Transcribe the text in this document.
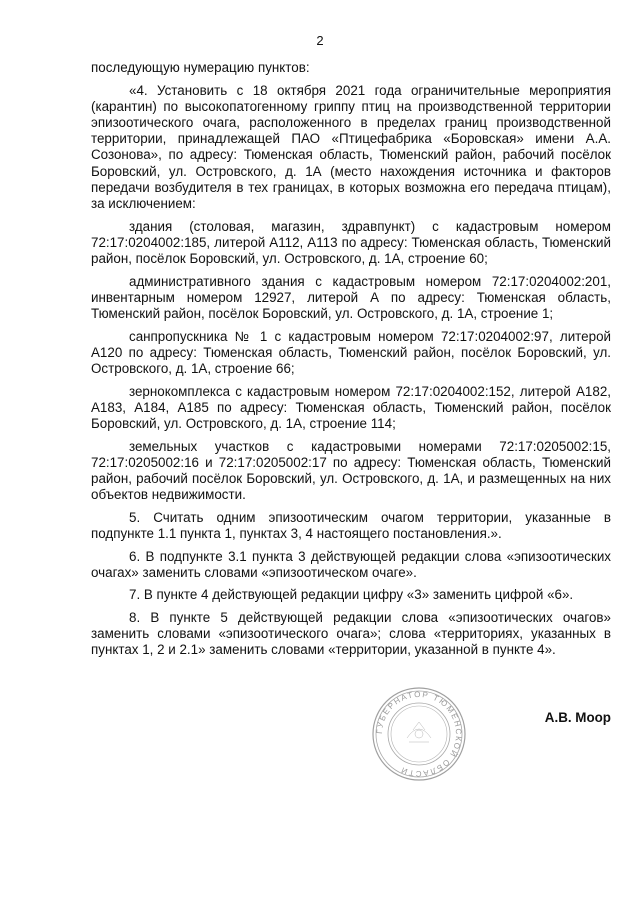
2

последующую нумерацию пунктов:

«4. Установить с 18 октября 2021 года ограничительные мероприятия (карантин) по высокопатогенному гриппу птиц на производственной территории эпизоотического очага, расположенного в пределах границ производственной территории, принадлежащей ПАО «Птицефабрика «Боровская» имени А.А. Созонова», по адресу: Тюменская область, Тюменский район, рабочий посёлок Боровский, ул. Островского, д. 1А (место нахождения источника и факторов передачи возбудителя в тех границах, в которых возможна его передача птицам), за исключением:

здания (столовая, магазин, здравпункт) с кадастровым номером 72:17:0204002:185, литерой А112, А113 по адресу: Тюменская область, Тюменский район, посёлок Боровский, ул. Островского, д. 1А, строение 60;

административного здания с кадастровым номером 72:17:0204002:201, инвентарным номером 12927, литерой А по адресу: Тюменская область, Тюменский район, посёлок Боровский, ул. Островского, д. 1А, строение 1;

санпропускника № 1 с кадастровым номером 72:17:0204002:97, литерой А120 по адресу: Тюменская область, Тюменский район, посёлок Боровский, ул. Островского, д. 1А, строение 66;

зернокомплекса с кадастровым номером 72:17:0204002:152, литерой А182, А183, А184, А185 по адресу: Тюменская область, Тюменский район, посёлок Боровский, ул. Островского, д. 1А, строение 114;

земельных участков с кадастровыми номерами 72:17:0205002:15, 72:17:0205002:16 и 72:17:0205002:17 по адресу: Тюменская область, Тюменский район, рабочий посёлок Боровский, ул. Островского, д. 1А, и размещенных на них объектов недвижимости.

5. Считать одним эпизоотическим очагом территории, указанные в подпункте 1.1 пункта 1, пунктах 3, 4 настоящего постановления.».

6. В подпункте 3.1 пункта 3 действующей редакции слова «эпизоотических очагах» заменить словами «эпизоотическом очаге».

7. В пункте 4 действующей редакции цифру «3» заменить цифрой «6».

8. В пункте 5 действующей редакции слова «эпизоотических очагов» заменить словами «эпизоотического очага»; слова «территориях, указанных в пунктах 1, 2 и 2.1» заменить словами «территории, указанной в пункте 4».

ГУБЕРНАТОР ТЮМЕНСКОЙ ОБЛАСТИ
А.В. Моор
